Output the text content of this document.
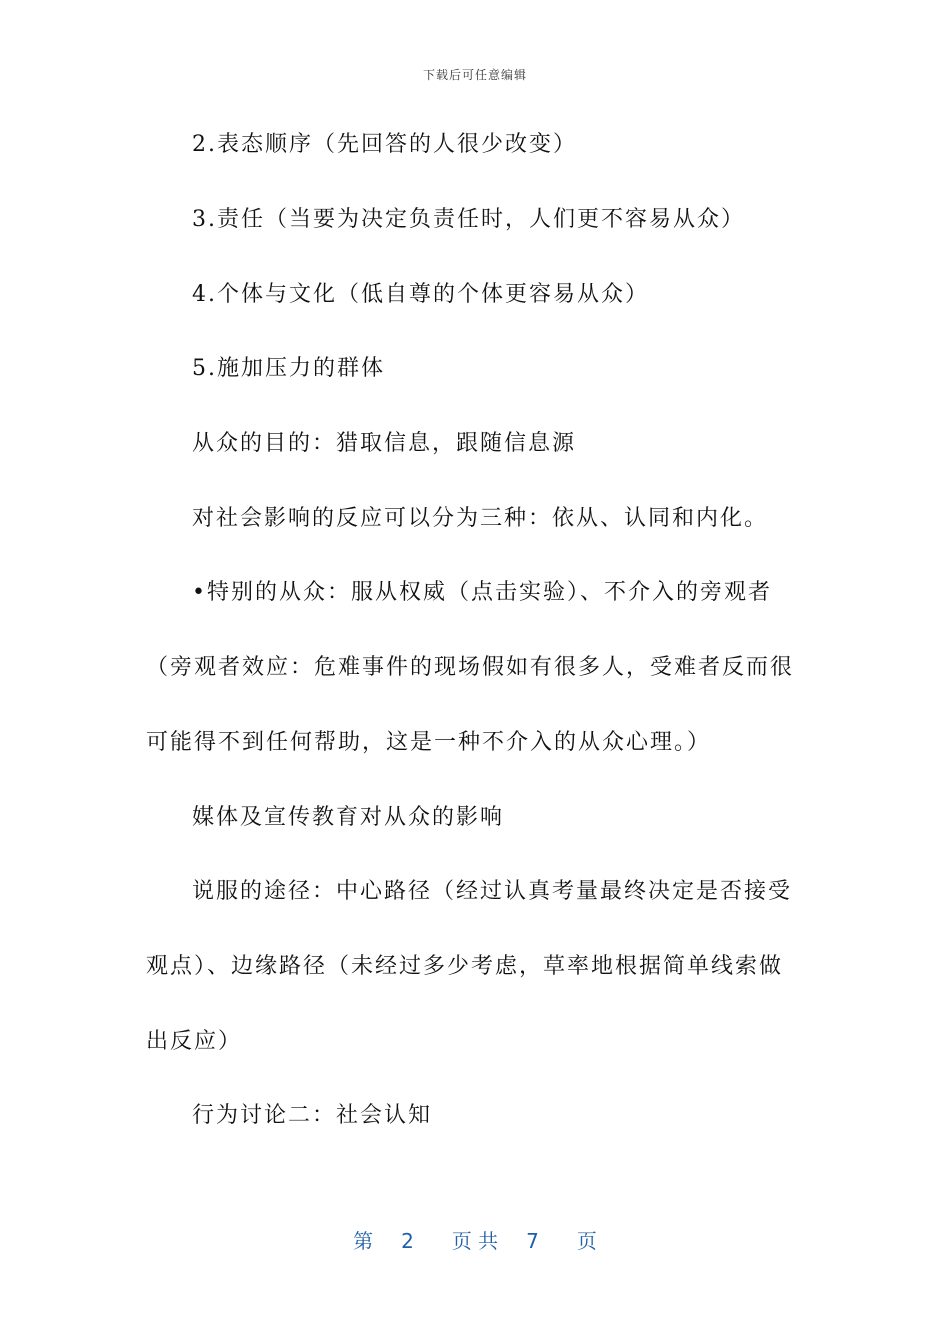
下载后可任意编辑
2.表态顺序（先回答的人很少改变）
3.责任（当要为决定负责任时，人们更不容易从众）
4.个体与文化（低自尊的个体更容易从众）
5.施加压力的群体
从众的目的：猎取信息，跟随信息源
对社会影响的反应可以分为三种：依从、认同和内化。
•特别的从众：服从权威（点击实验）、不介入的旁观者
（旁观者效应：危难事件的现场假如有很多人，受难者反而很
可能得不到任何帮助，这是一种不介入的从众心理。）
媒体及宣传教育对从众的影响
说服的途径：中心路径（经过认真考量最终决定是否接受
观点）、边缘路径（未经过多少考虑，草率地根据简单线索做
出反应）
行为讨论二：社会认知
第 2 页 共 7 页
